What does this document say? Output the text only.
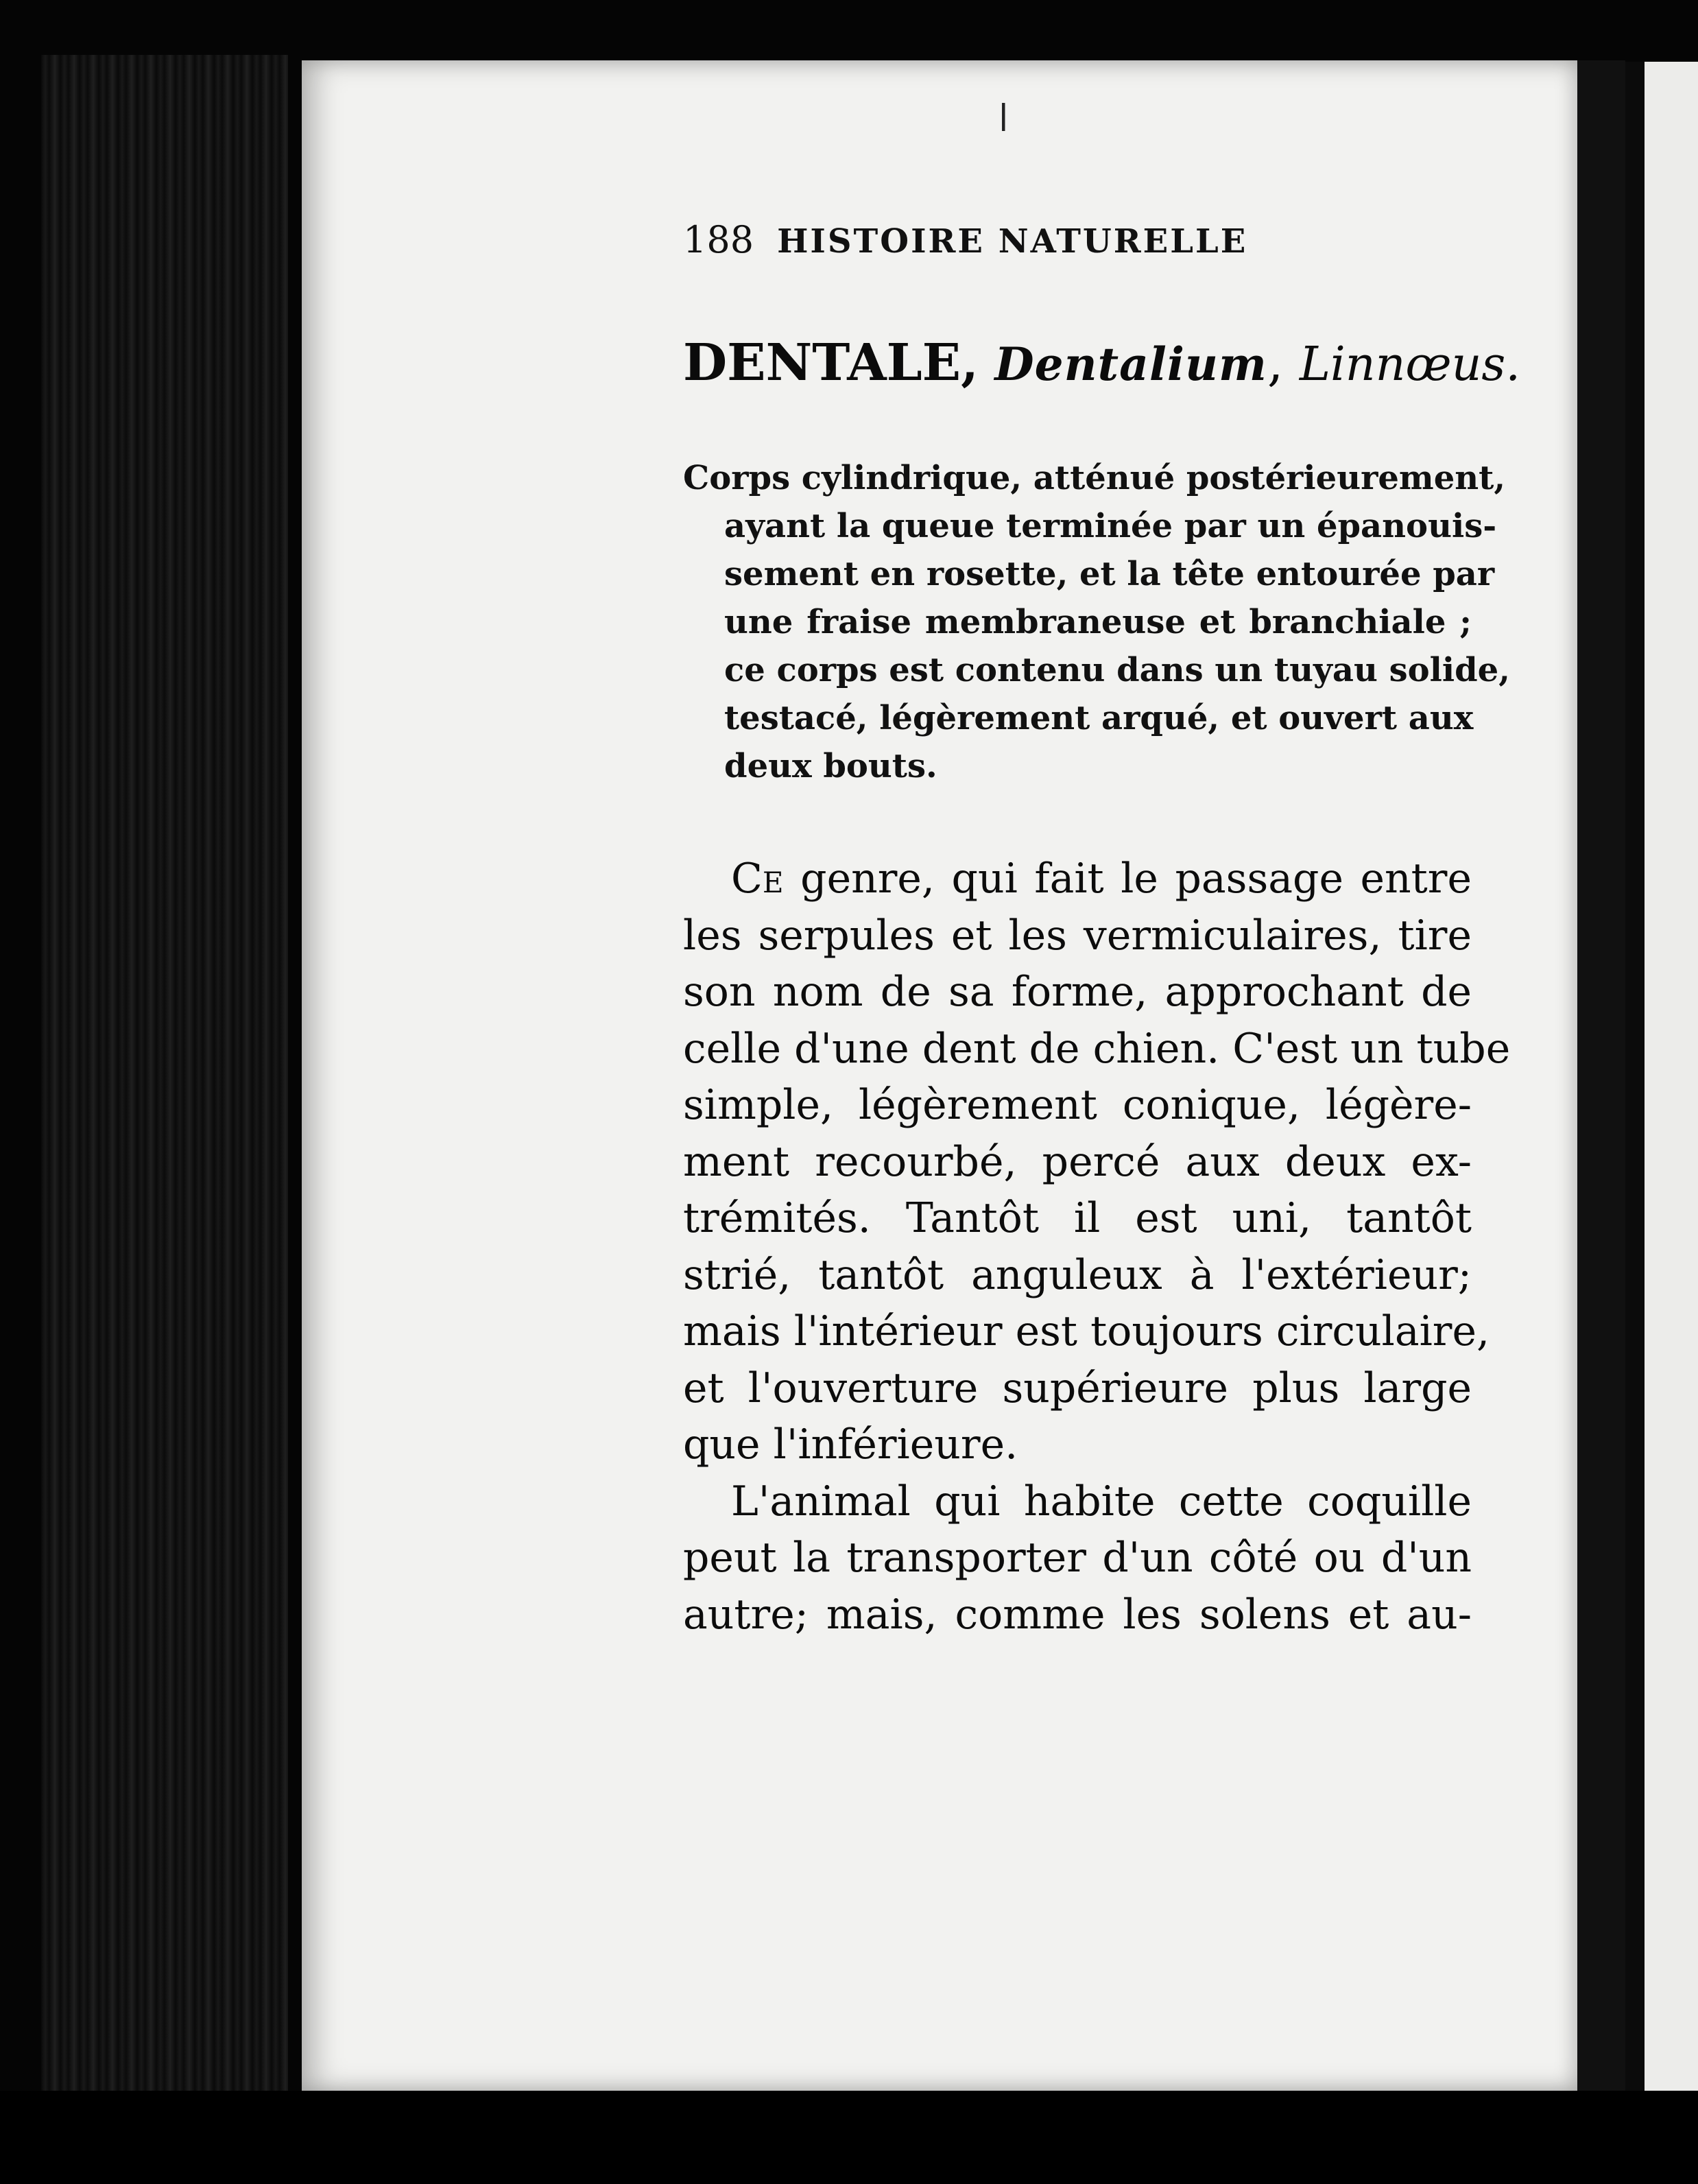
ǀ
188 HISTOIRE NATURELLE
DENTALE, Dentalium, Linnœus.
Corps cylindrique, atténué postérieurement,
ayant la queue terminée par un épanouis-
sement en rosette, et la tête entourée par
une fraise membraneuse et branchiale ;
ce corps est contenu dans un tuyau solide,
testacé, légèrement arqué, et ouvert aux
deux bouts.
Ce genre, qui fait le passage entre
les serpules et les vermiculaires, tire
son nom de sa forme, approchant de
celle d'une dent de chien. C'est un tube
simple, légèrement conique, légère-
ment recourbé, percé aux deux ex-
trémités. Tantôt il est uni, tantôt
strié, tantôt anguleux à l'extérieur;
mais l'intérieur est toujours circulaire,
et l'ouverture supérieure plus large
que l'inférieure.
L'animal qui habite cette coquille
peut la transporter d'un côté ou d'un
autre; mais, comme les solens et au-
